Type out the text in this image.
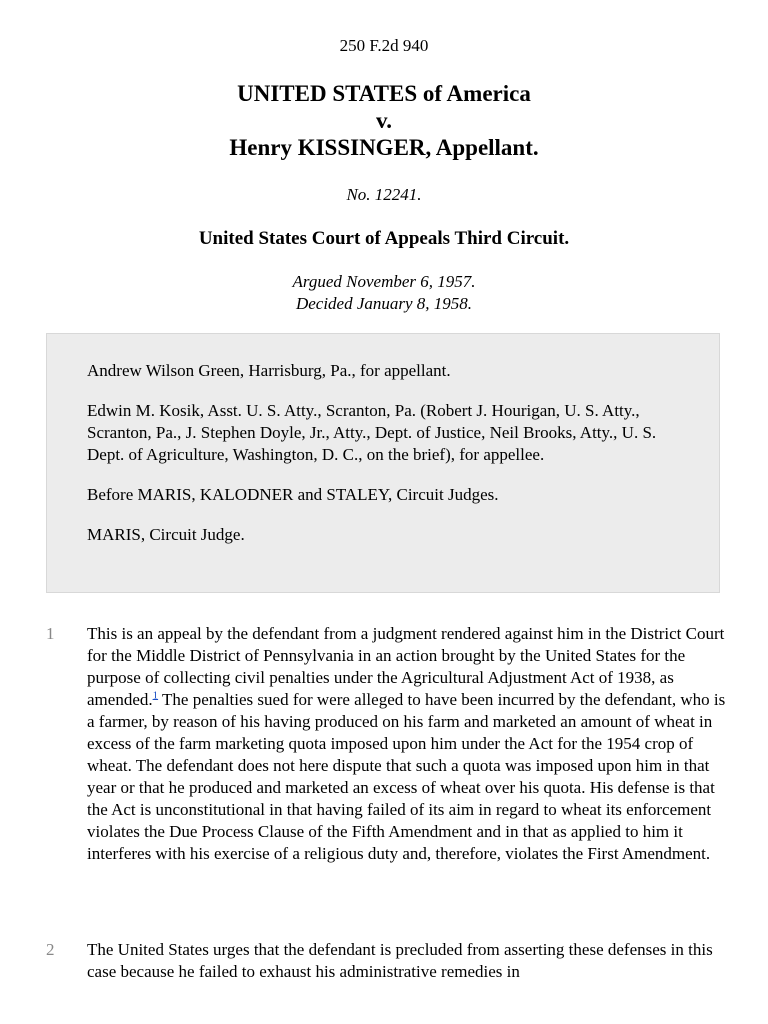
250 F.2d 940
UNITED STATES of America
v.
Henry KISSINGER, Appellant.
No. 12241.
United States Court of Appeals Third Circuit.
Argued November 6, 1957.
Decided January 8, 1958.

Andrew Wilson Green, Harrisburg, Pa., for appellant.

Edwin M. Kosik, Asst. U. S. Atty., Scranton, Pa. (Robert J. Hourigan, U. S. Atty., Scranton, Pa., J. Stephen Doyle, Jr., Atty., Dept. of Justice, Neil Brooks, Atty., U. S. Dept. of Agriculture, Washington, D. C., on the brief), for appellee.

Before MARIS, KALODNER and STALEY, Circuit Judges.

MARIS, Circuit Judge.

1 This is an appeal by the defendant from a judgment rendered against him in the District Court for the Middle District of Pennsylvania in an action brought by the United States for the purpose of collecting civil penalties under the Agricultural Adjustment Act of 1938, as amended.$^1$ The penalties sued for were alleged to have been incurred by the defendant, who is a farmer, by reason of his having produced on his farm and marketed an amount of wheat in excess of the farm marketing quota imposed upon him under the Act for the 1954 crop of wheat. The defendant does not here dispute that such a quota was imposed upon him in that year or that he produced and marketed an excess of wheat over his quota. His defense is that the Act is unconstitutional in that having failed of its aim in regard to wheat its enforcement violates the Due Process Clause of the Fifth Amendment and in that as applied to him it interferes with his exercise of a religious duty and, therefore, violates the First Amendment.
2 The United States urges that the defendant is precluded from asserting these defenses in this case because he failed to exhaust his administrative remedies in
